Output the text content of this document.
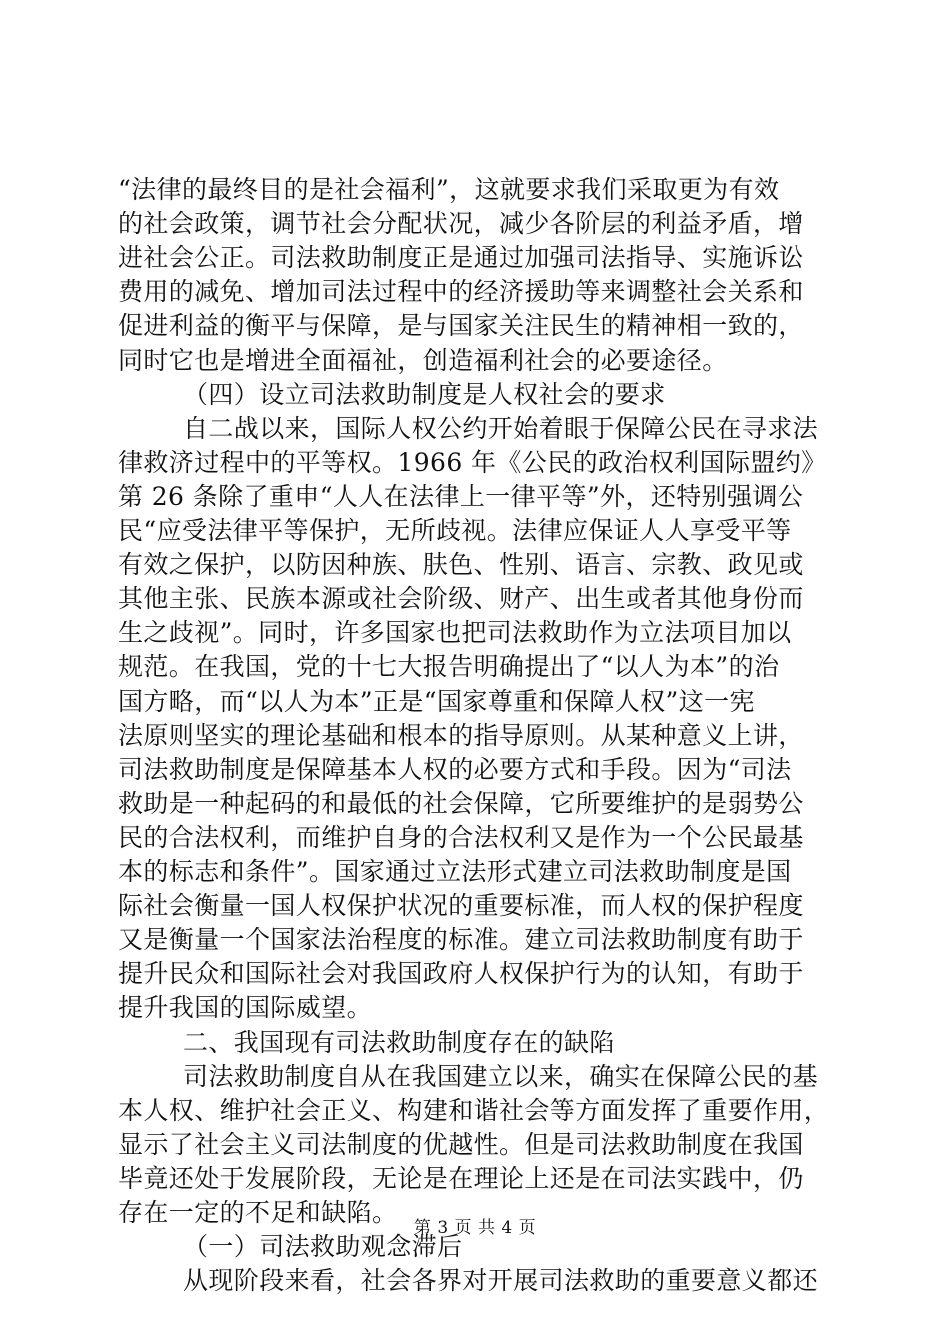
“法律的最终目的是社会福利”，这就要求我们采取更为有效
的社会政策，调节社会分配状况，减少各阶层的利益矛盾，增
进社会公正。司法救助制度正是通过加强司法指导、实施诉讼
费用的减免、增加司法过程中的经济援助等来调整社会关系和
促进利益的衡平与保障，是与国家关注民生的精神相一致的，
同时它也是增进全面福祉，创造福利社会的必要途径。
（四）设立司法救助制度是人权社会的要求
自二战以来，国际人权公约开始着眼于保障公民在寻求法
律救济过程中的平等权。1966 年《公民的政治权利国际盟约》
第 26 条除了重申“人人在法律上一律平等”外，还特别强调公
民“应受法律平等保护，无所歧视。法律应保证人人享受平等
有效之保护，以防因种族、肤色、性别、语言、宗教、政见或
其他主张、民族本源或社会阶级、财产、出生或者其他身份而
生之歧视”。同时，许多国家也把司法救助作为立法项目加以
规范。在我国，党的十七大报告明确提出了“以人为本”的治
国方略，而“以人为本”正是“国家尊重和保障人权”这一宪
法原则坚实的理论基础和根本的指导原则。从某种意义上讲，
司法救助制度是保障基本人权的必要方式和手段。因为“司法
救助是一种起码的和最低的社会保障，它所要维护的是弱势公
民的合法权利，而维护自身的合法权利又是作为一个公民最基
本的标志和条件”。国家通过立法形式建立司法救助制度是国
际社会衡量一国人权保护状况的重要标准，而人权的保护程度
又是衡量一个国家法治程度的标准。建立司法救助制度有助于
提升民众和国际社会对我国政府人权保护行为的认知，有助于
提升我国的国际威望。
二、我国现有司法救助制度存在的缺陷
司法救助制度自从在我国建立以来，确实在保障公民的基
本人权、维护社会正义、构建和谐社会等方面发挥了重要作用，
显示了社会主义司法制度的优越性。但是司法救助制度在我国
毕竟还处于发展阶段，无论是在理论上还是在司法实践中，仍
存在一定的不足和缺陷。
（一）司法救助观念滞后
从现阶段来看，社会各界对开展司法救助的重要意义都还
第 3 页 共 4 页
